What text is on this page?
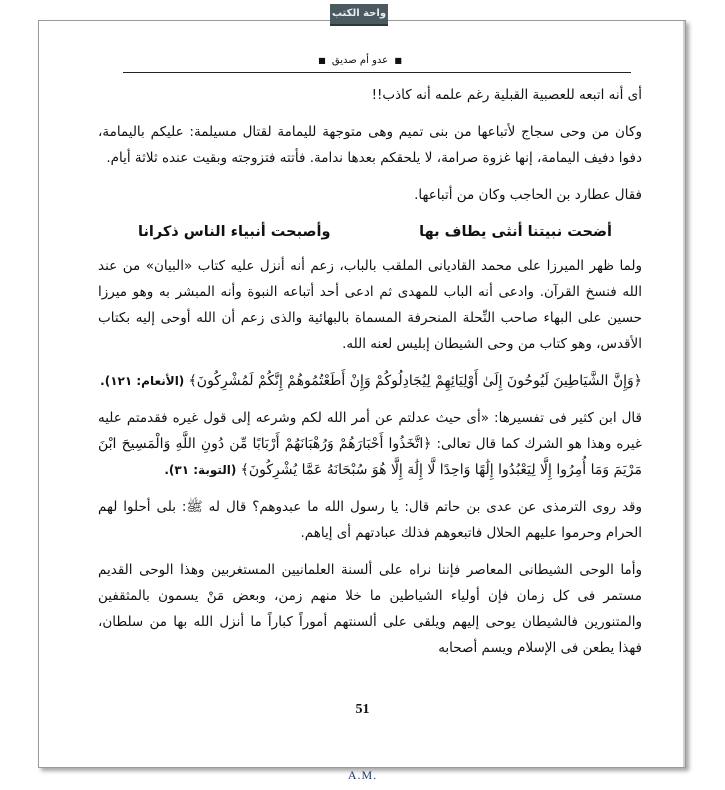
واحة الكتب
■ عدو أم صديق ■

أى أنه اتبعه للعصبية القبلية رغم علمه أنه كاذب!!

وكان من وحى سجاج لأتباعها من بنى تميم وهى متوجهة لليمامة لقتال مسيلمة: عليكم باليمامة، دفوا دفيف اليمامة، إنها غزوة صرامة، لا يلحقكم بعدها ندامة. فأتته فتزوجته وبقيت عنده ثلاثة أيام.

فقال عطارد بن الحاجب وكان من أتباعها.

أضحت نبيتنا أنثى يطاف بها
وأصبحت أنبياء الناس ذكرانا

ولما ظهر الميرزا على محمد القاديانى الملقب بالباب، زعم أنه أنزل عليه كتاب «البيان» من عند الله فنسخ القرآن. وادعى أنه الباب للمهدى ثم ادعى أحد أتباعه النبوة وأنه المبشر به وهو ميرزا حسين على البهاء صاحب النِّحلة المنحرفة المسماة بالبهائية والذى زعم أن الله أوحى إليه بكتاب الأقدس، وهو كتاب من وحى الشيطان إبليس لعنه الله.

﴿وَإِنَّ الشَّيَاطِينَ لَيُوحُونَ إِلَىٰ أَوْلِيَائِهِمْ لِيُجَادِلُوكُمْ وَإِنْ أَطَعْتُمُوهُمْ إِنَّكُمْ لَمُشْرِكُونَ﴾ (الأنعام: ١٢١).

قال ابن كثير فى تفسيرها: «أى حيث عدلتم عن أمر الله لكم وشرعه إلى قول غيره فقدمتم عليه غيره وهذا هو الشرك كما قال تعالى: ﴿اتَّخَذُوا أَحْبَارَهُمْ وَرُهْبَانَهُمْ أَرْبَابًا مِّن دُونِ اللَّهِ وَالْمَسِيحَ ابْنَ مَرْيَمَ وَمَا أُمِرُوا إِلَّا لِيَعْبُدُوا إِلَٰهًا وَاحِدًا لَّا إِلَٰهَ إِلَّا هُوَ سُبْحَانَهُ عَمَّا يُشْرِكُونَ﴾ (التوبة: ٣١).

وقد روى الترمذى عن عدى بن حاتم قال: يا رسول الله ما عبدوهم؟ قال له ﷺ: بلى أحلوا لهم الحرام وحرموا عليهم الحلال فاتبعوهم فذلك عبادتهم أى إياهم.

وأما الوحى الشيطانى المعاصر فإننا نراه على ألسنة العلمانيين المستغربين وهذا الوحى القديم مستمر فى كل زمان فإن أولياء الشياطين ما خلا منهم زمن، وبعض مَنْ يسمون بالمثقفين والمتنورين فالشيطان يوحى إليهم ويلقى على ألسنتهم أموراً كباراً ما أنزل الله بها من سلطان، فهذا يطعن فى الإسلام ويسم أصحابه

51
A.M.
